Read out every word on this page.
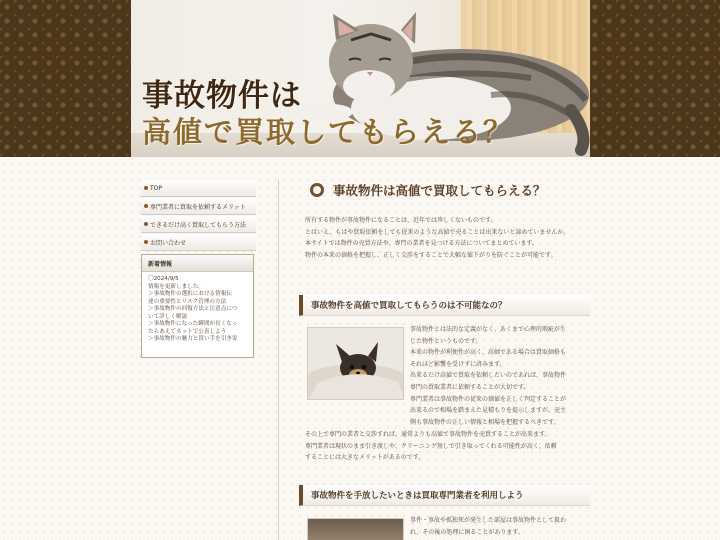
事故物件は
高値で買取してもらえる？
TOP
専門業者に買取を依頼するメリット
できるだけ高く買取してもらう方法
お問い合わせ
新着情報
〇2024/9/5
情報を更新しました。
＞事故物件の選択における情報伝
達の重要性とリスク管理の方法
＞事故物件の回復方法と注意点につ
いて詳しく解説
＞事故物件になった瞬間が長くなっ
たらあえてネットで公表しよう
＞事故物件の魅力と買い手を引き寄
事故物件は高値で買取してもらえる？
所有する物件が事故物件になることは、近年では珍しくないものです。
とはいえ、もはや買取依頼をしても従来のような高値で売ることは出来ないと諦めていませんか。
本サイトでは物件の売買方法や、専門の業者を見つける方法についてまとめています。
物件の本来の価格を把握し、正しく交渉をすることで大幅な値下がりを防ぐことが可能です。
事故物件を高値で買取してもらうのは不可能なの？
事故物件とは法的な定義がなく、あくまで心理的瑕疵が生
じた物件というものです。
本来の物件が利便性が高く、高価である場合は買取価格も
それほど影響を受けずに済みます。
出来るだけ高値で買取を依頼したいのであれば、事故物件
専門の買取業者に依頼することが大切です。
専門業者は事故物件の従来の価値を正しく判定することが
出来るので相場を踏まえた見積もりを提示しますが、売主
側も事故物件の正しい情報と相場を把握するべきです。
その上で専門の業者と交渉すれば、通常よりも高値で事故物件を売買することが出来ます。
専門業者は現状のまま引き渡しや、クリーニング無しで引き取ってくれる可能性が高く、依頼
することには大きなメリットがあるのです。
事故物件を手放したいときは買取専門業者を利用しよう
事件・事故や孤独死が発生した部屋は事故物件として扱わ
れ、その後の処理に困ることがあります。
